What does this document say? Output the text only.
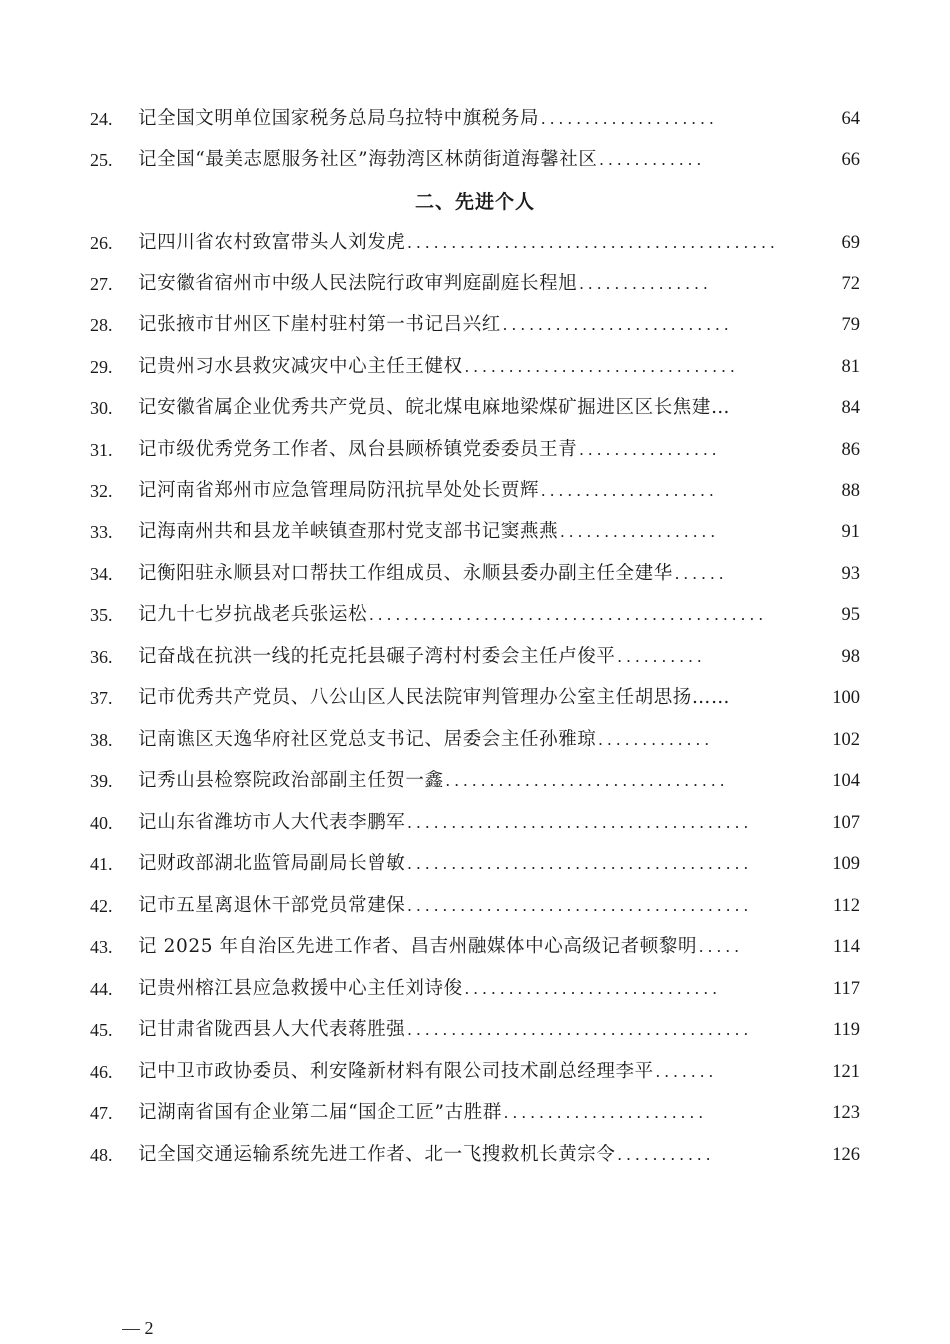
24.	记全国文明单位国家税务总局乌拉特中旗税务局 ....................	64
25.	记全国“最美志愿服务社区”海勃湾区林荫街道海馨社区 ............	66
二、先进个人
26.	记四川省农村致富带头人刘发虎 ..........................................	69
27.	记安徽省宿州市中级人民法院行政审判庭副庭长程旭 ...............	72
28.	记张掖市甘州区下崖村驻村第一书记吕兴红 ..........................	79
29.	记贵州习水县救灾减灾中心主任王健权 ...............................	81
30.	记安徽省属企业优秀共产党员、皖北煤电麻地梁煤矿掘进区区长焦建…	84
31.	记市级优秀党务工作者、凤台县顾桥镇党委委员王青 ................	86
32.	记河南省郑州市应急管理局防汛抗旱处处长贾辉 ....................	88
33.	记海南州共和县龙羊峡镇查那村党支部书记窦燕燕 ..................	91
34.	记衡阳驻永顺县对口帮扶工作组成员、永顺县委办副主任全建华 ......	93
35.	记九十七岁抗战老兵张运松 .............................................	95
36.	记奋战在抗洪一线的托克托县碾子湾村村委会主任卢俊平 ..........	98
37.	记市优秀共产党员、八公山区人民法院审判管理办公室主任胡思扬……	100
38.	记南谯区天逸华府社区党总支书记、居委会主任孙雅琼 .............	102
39.	记秀山县检察院政治部副主任贺一鑫 ................................	104
40.	记山东省潍坊市人大代表李鹏军 .......................................	107
41.	记财政部湖北监管局副局长曾敏 .......................................	109
42.	记市五星离退休干部党员常建保 .......................................	112
43.	记 2025 年自治区先进工作者、昌吉州融媒体中心高级记者顿黎明 .....	114
44.	记贵州榕江县应急救援中心主任刘诗俊 .............................	117
45.	记甘肃省陇西县人大代表蒋胜强 .......................................	119
46.	记中卫市政协委员、利安隆新材料有限公司技术副总经理李平 .......	121
47.	记湖南省国有企业第二届“国企工匠”古胜群 .......................	123
48.	记全国交通运输系统先进工作者、北一飞搜救机长黄宗令 ...........	126
— 2
